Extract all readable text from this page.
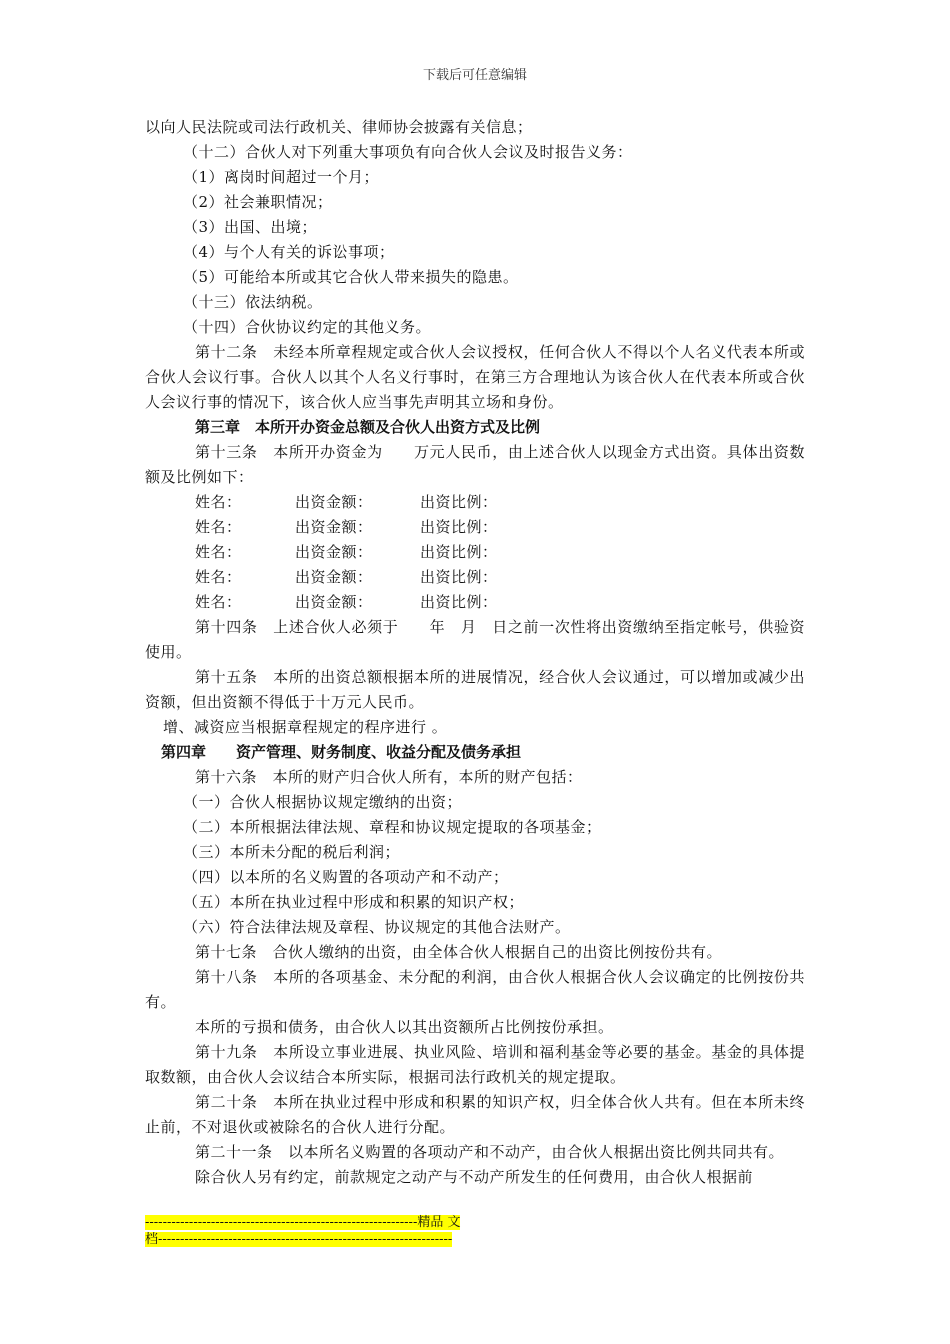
下载后可任意编辑
以向人民法院或司法行政机关、律师协会披露有关信息；
（十二）合伙人对下列重大事项负有向合伙人会议及时报告义务：
（1）离岗时间超过一个月；
（2）社会兼职情况；
（3）出国、出境；
（4）与个人有关的诉讼事项；
（5）可能给本所或其它合伙人带来损失的隐患。
（十三）依法纳税。
（十四）合伙协议约定的其他义务。
第十二条　未经本所章程规定或合伙人会议授权，任何合伙人不得以个人名义代表本所或合伙人会议行事。合伙人以其个人名义行事时，在第三方合理地认为该合伙人在代表本所或合伙人会议行事的情况下，该合伙人应当事先声明其立场和身份。
第三章　本所开办资金总额及合伙人出资方式及比例
第十三条　本所开办资金为　　万元人民币，由上述合伙人以现金方式出资。具体出资数额及比例如下：
姓名：	出资金额：	出资比例：
姓名：	出资金额：	出资比例：
姓名：	出资金额：	出资比例：
姓名：	出资金额：	出资比例：
姓名：	出资金额：	出资比例：
第十四条　上述合伙人必须于　　年　月　日之前一次性将出资缴纳至指定帐号，供验资使用。
第十五条　本所的出资总额根据本所的进展情况，经合伙人会议通过，可以增加或减少出资额，但出资额不得低于十万元人民币。
增、减资应当根据章程规定的程序进行 。
第四章　　资产管理、财务制度、收益分配及债务承担
第十六条　本所的财产归合伙人所有，本所的财产包括：
（一）合伙人根据协议规定缴纳的出资；
（二）本所根据法律法规、章程和协议规定提取的各项基金；
（三）本所未分配的税后利润；
（四）以本所的名义购置的各项动产和不动产；
（五）本所在执业过程中形成和积累的知识产权；
（六）符合法律法规及章程、协议规定的其他合法财产。
第十七条　合伙人缴纳的出资，由全体合伙人根据自己的出资比例按份共有。
第十八条　本所的各项基金、未分配的利润，由合伙人根据合伙人会议确定的比例按份共有。
本所的亏损和债务，由合伙人以其出资额所占比例按份承担。
第十九条　本所设立事业进展、执业风险、培训和福利基金等必要的基金。基金的具体提取数额，由合伙人会议结合本所实际，根据司法行政机关的规定提取。
第二十条　本所在执业过程中形成和积累的知识产权，归全体合伙人共有。但在本所未终止前，不对退伙或被除名的合伙人进行分配。
第二十一条　以本所名义购置的各项动产和不动产，由合伙人根据出资比例共同共有。
除合伙人另有约定，前款规定之动产与不动产所发生的任何费用，由合伙人根据前
--------------------------------------------------------------精品 文
档-------------------------------------------------------------------
